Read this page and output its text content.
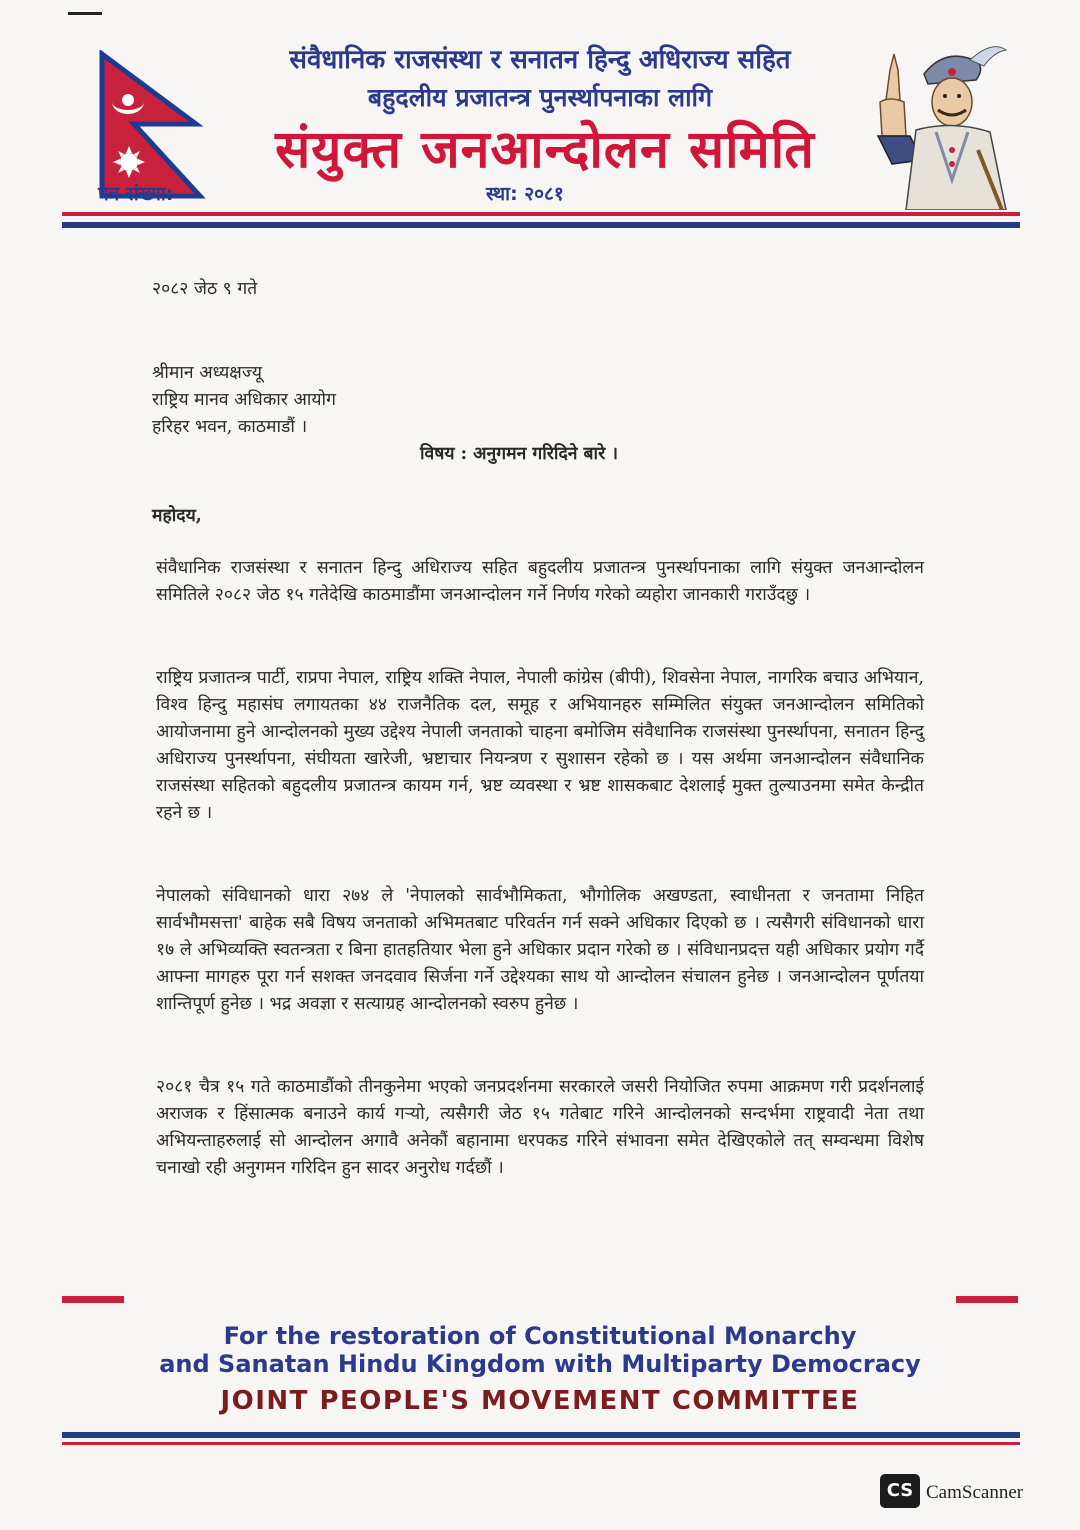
संवैधानिक राजसंस्था र सनातन हिन्दु अधिराज्य सहित
बहुदलीय प्रजातन्त्र पुनर्स्थापनाका लागि
संयुक्त जनआन्दोलन समिति
पत्र संख्या:	स्था: २०८१
२०८२ जेठ ९ गते
श्रीमान अध्यक्षज्यू
राष्ट्रिय मानव अधिकार आयोग
हरिहर भवन, काठमाडौं ।
विषय : अनुगमन गरिदिने बारे ।
महोदय,
संवैधानिक राजसंस्था र सनातन हिन्दु अधिराज्य सहित बहुदलीय प्रजातन्त्र पुनर्स्थापनाका लागि संयुक्त जनआन्दोलन समितिले २०८२ जेठ १५ गतेदेखि काठमाडौंमा जनआन्दोलन गर्ने निर्णय गरेको व्यहोरा जानकारी गराउँदछु ।
राष्ट्रिय प्रजातन्त्र पार्टी, राप्रपा नेपाल, राष्ट्रिय शक्ति नेपाल, नेपाली कांग्रेस (बीपी), शिवसेना नेपाल, नागरिक बचाउ अभियान, विश्व हिन्दु महासंघ लगायतका ४४ राजनैतिक दल, समूह र अभियानहरु सम्मिलित संयुक्त जनआन्दोलन समितिको आयोजनामा हुने आन्दोलनको मुख्य उद्देश्य नेपाली जनताको चाहना बमोजिम संवैधानिक राजसंस्था पुनर्स्थापना, सनातन हिन्दु अधिराज्य पुनर्स्थापना, संघीयता खारेजी, भ्रष्टाचार नियन्त्रण र सुशासन रहेको छ । यस अर्थमा जनआन्दोलन संवैधानिक राजसंस्था सहितको बहुदलीय प्रजातन्त्र कायम गर्न, भ्रष्ट व्यवस्था र भ्रष्ट शासकबाट देशलाई मुक्त तुल्याउनमा समेत केन्द्रीत रहने छ ।
नेपालको संविधानको धारा २७४ ले 'नेपालको सार्वभौमिकता, भौगोलिक अखण्डता, स्वाधीनता र जनतामा निहित सार्वभौमसत्ता' बाहेक सबै विषय जनताको अभिमतबाट परिवर्तन गर्न सक्ने अधिकार दिएको छ । त्यसैगरी संविधानको धारा १७ ले अभिव्यक्ति स्वतन्त्रता र बिना हातहतियार भेला हुने अधिकार प्रदान गरेको छ । संविधानप्रदत्त यही अधिकार प्रयोग गर्दै आफ्ना मागहरु पूरा गर्न सशक्त जनदवाव सिर्जना गर्ने उद्देश्यका साथ यो आन्दोलन संचालन हुनेछ । जनआन्दोलन पूर्णतया शान्तिपूर्ण हुनेछ । भद्र अवज्ञा र सत्याग्रह आन्दोलनको स्वरुप हुनेछ ।
२०८१ चैत्र १५ गते काठमाडौंको तीनकुनेमा भएको जनप्रदर्शनमा सरकारले जसरी नियोजित रुपमा आक्रमण गरी प्रदर्शनलाई अराजक र हिंसात्मक बनाउने कार्य गर्‍यो, त्यसैगरी जेठ १५ गतेबाट गरिने आन्दोलनको सन्दर्भमा राष्ट्रवादी नेता तथा अभियन्ताहरुलाई सो आन्दोलन अगावै अनेकौं बहानामा धरपकड गरिने संभावना समेत देखिएकोले तत् सम्वन्धमा विशेष चनाखो रही अनुगमन गरिदिन हुन सादर अनुरोध गर्दछौं ।
For the restoration of Constitutional Monarchy
and Sanatan Hindu Kingdom with Multiparty Democracy
JOINT PEOPLE'S MOVEMENT COMMITTEE
CS CamScanner
